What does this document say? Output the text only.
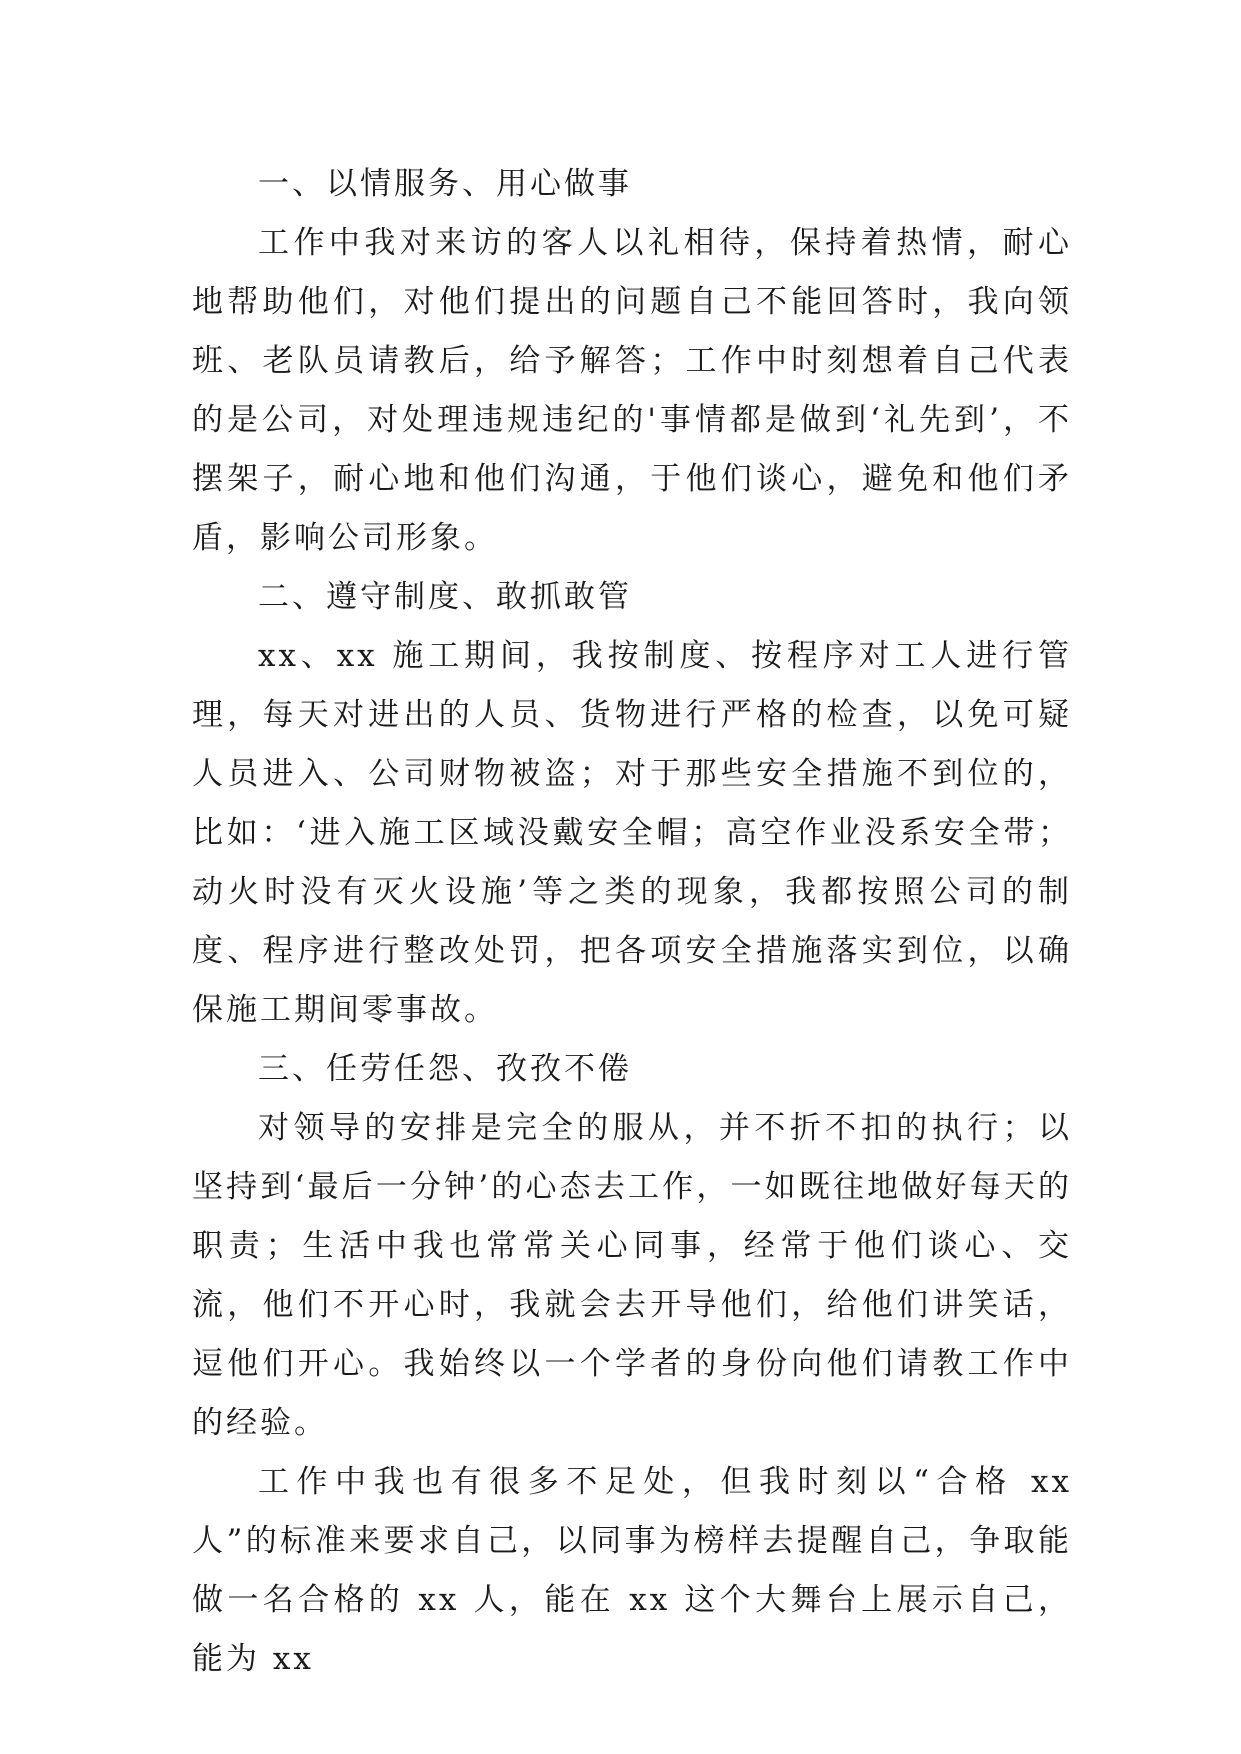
一、以情服务、用心做事

工作中我对来访的客人以礼相待，保持着热情，耐心地帮助他们，对他们提出的问题自己不能回答时，我向领班、老队员请教后，给予解答；工作中时刻想着自己代表的是公司，对处理违规违纪的'事情都是做到‘礼先到’，不摆架子，耐心地和他们沟通，于他们谈心，避免和他们矛盾，影响公司形象。

二、遵守制度、敢抓敢管

xx、xx 施工期间，我按制度、按程序对工人进行管理，每天对进出的人员、货物进行严格的检查，以免可疑人员进入、公司财物被盗；对于那些安全措施不到位的，比如：‘进入施工区域没戴安全帽；高空作业没系安全带；动火时没有灭火设施’等之类的现象，我都按照公司的制度、程序进行整改处罚，把各项安全措施落实到位，以确保施工期间零事故。

三、任劳任怨、孜孜不倦

对领导的安排是完全的服从，并不折不扣的执行；以坚持到‘最后一分钟’的心态去工作，一如既往地做好每天的职责；生活中我也常常关心同事，经常于他们谈心、交流，他们不开心时，我就会去开导他们，给他们讲笑话，逗他们开心。我始终以一个学者的身份向他们请教工作中的经验。

工作中我也有很多不足处，但我时刻以“合格 xx 人”的标准来要求自己，以同事为榜样去提醒自己，争取能做一名合格的 xx 人，能在 xx 这个大舞台上展示自己，能为 xx
